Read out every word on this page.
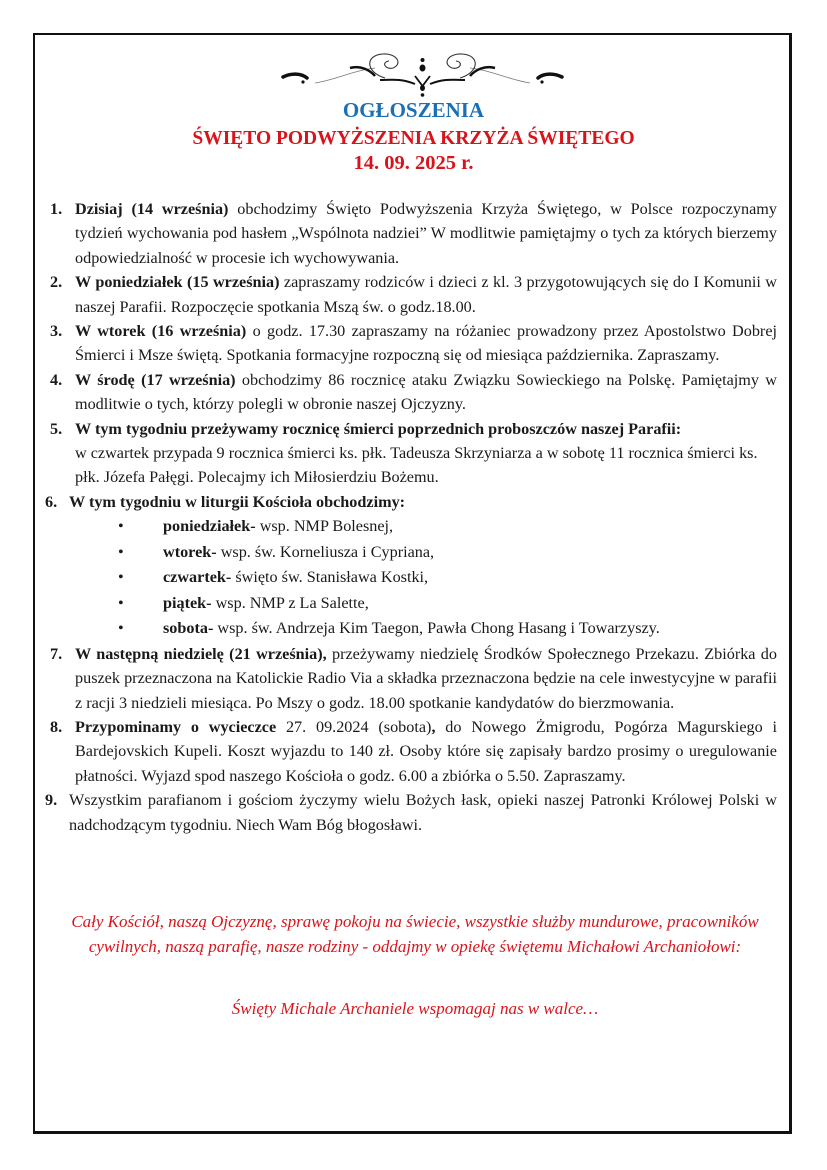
OGŁOSZENIA
ŚWIĘTO PODWYŻSZENIA KRZYŻA ŚWIĘTEGO
14. 09. 2025 r.
1. Dzisiaj (14 września) obchodzimy Święto Podwyższenia Krzyża Świętego, w Polsce rozpoczynamy tydzień wychowania pod hasłem „Wspólnota nadziei” W modlitwie pamiętajmy o tych za których bierzemy odpowiedzialność w procesie ich wychowywania.

2. W poniedziałek (15 września) zapraszamy rodziców i dzieci z kl. 3 przygotowujących się do I Komunii w naszej Parafii. Rozpoczęcie spotkania Mszą św. o godz.18.00.

3. W wtorek (16 września) o godz. 17.30 zapraszamy na różaniec prowadzony przez Apostolstwo Dobrej Śmierci i Msze świętą. Spotkania formacyjne rozpoczną się od miesiąca października. Zapraszamy.

4. W środę (17 września) obchodzimy 86 rocznicę ataku Związku Sowieckiego na Polskę. Pamiętajmy w modlitwie o tych, którzy polegli w obronie naszej Ojczyzny.

5. W tym tygodniu przeżywamy rocznicę śmierci poprzednich proboszczów naszej Parafii:

w czwartek przypada 9 rocznica śmierci ks. płk. Tadeusza Skrzyniarza a w sobotę 11 rocznica śmierci ks. płk. Józefa Pałęgi. Polecajmy ich Miłosierdziu Bożemu.

6. W tym tygodniu w liturgii Kościoła obchodzimy:

• poniedziałek- wsp. NMP Bolesnej,
• wtorek- wsp. św. Korneliusza i Cypriana,
• czwartek- święto św. Stanisława Kostki,
• piątek- wsp. NMP z La Salette,
• sobota- wsp. św. Andrzeja Kim Taegon, Pawła Chong Hasang i Towarzyszy.
7. W następną niedzielę (21 września), przeżywamy niedzielę Środków Społecznego Przekazu. Zbiórka do puszek przeznaczona na Katolickie Radio Via a składka przeznaczona będzie na cele inwestycyjne w parafii z racji 3 niedzieli miesiąca. Po Mszy o godz. 18.00 spotkanie kandydatów do bierzmowania.

8. Przypominamy o wycieczce 27. 09.2024 (sobota), do Nowego Żmigrodu, Pogórza Magurskiego i Bardejovskich Kupeli. Koszt wyjazdu to 140 zł. Osoby które się zapisały bardzo prosimy o uregulowanie płatności. Wyjazd spod naszego Kościoła o godz. 6.00 a zbiórka o 5.50. Zapraszamy.

9. Wszystkim parafianom i gościom życzymy wielu Bożych łask, opieki naszej Patronki Królowej Polski w nadchodzącym tygodniu. Niech Wam Bóg błogosławi.

Cały Kościół, naszą Ojczyznę, sprawę pokoju na świecie, wszystkie służby mundurowe, pracowników cywilnych, naszą parafię, nasze rodziny - oddajmy w opiekę świętemu Michałowi Archaniołowi:
Święty Michale Archaniele wspomagaj nas w walce…
